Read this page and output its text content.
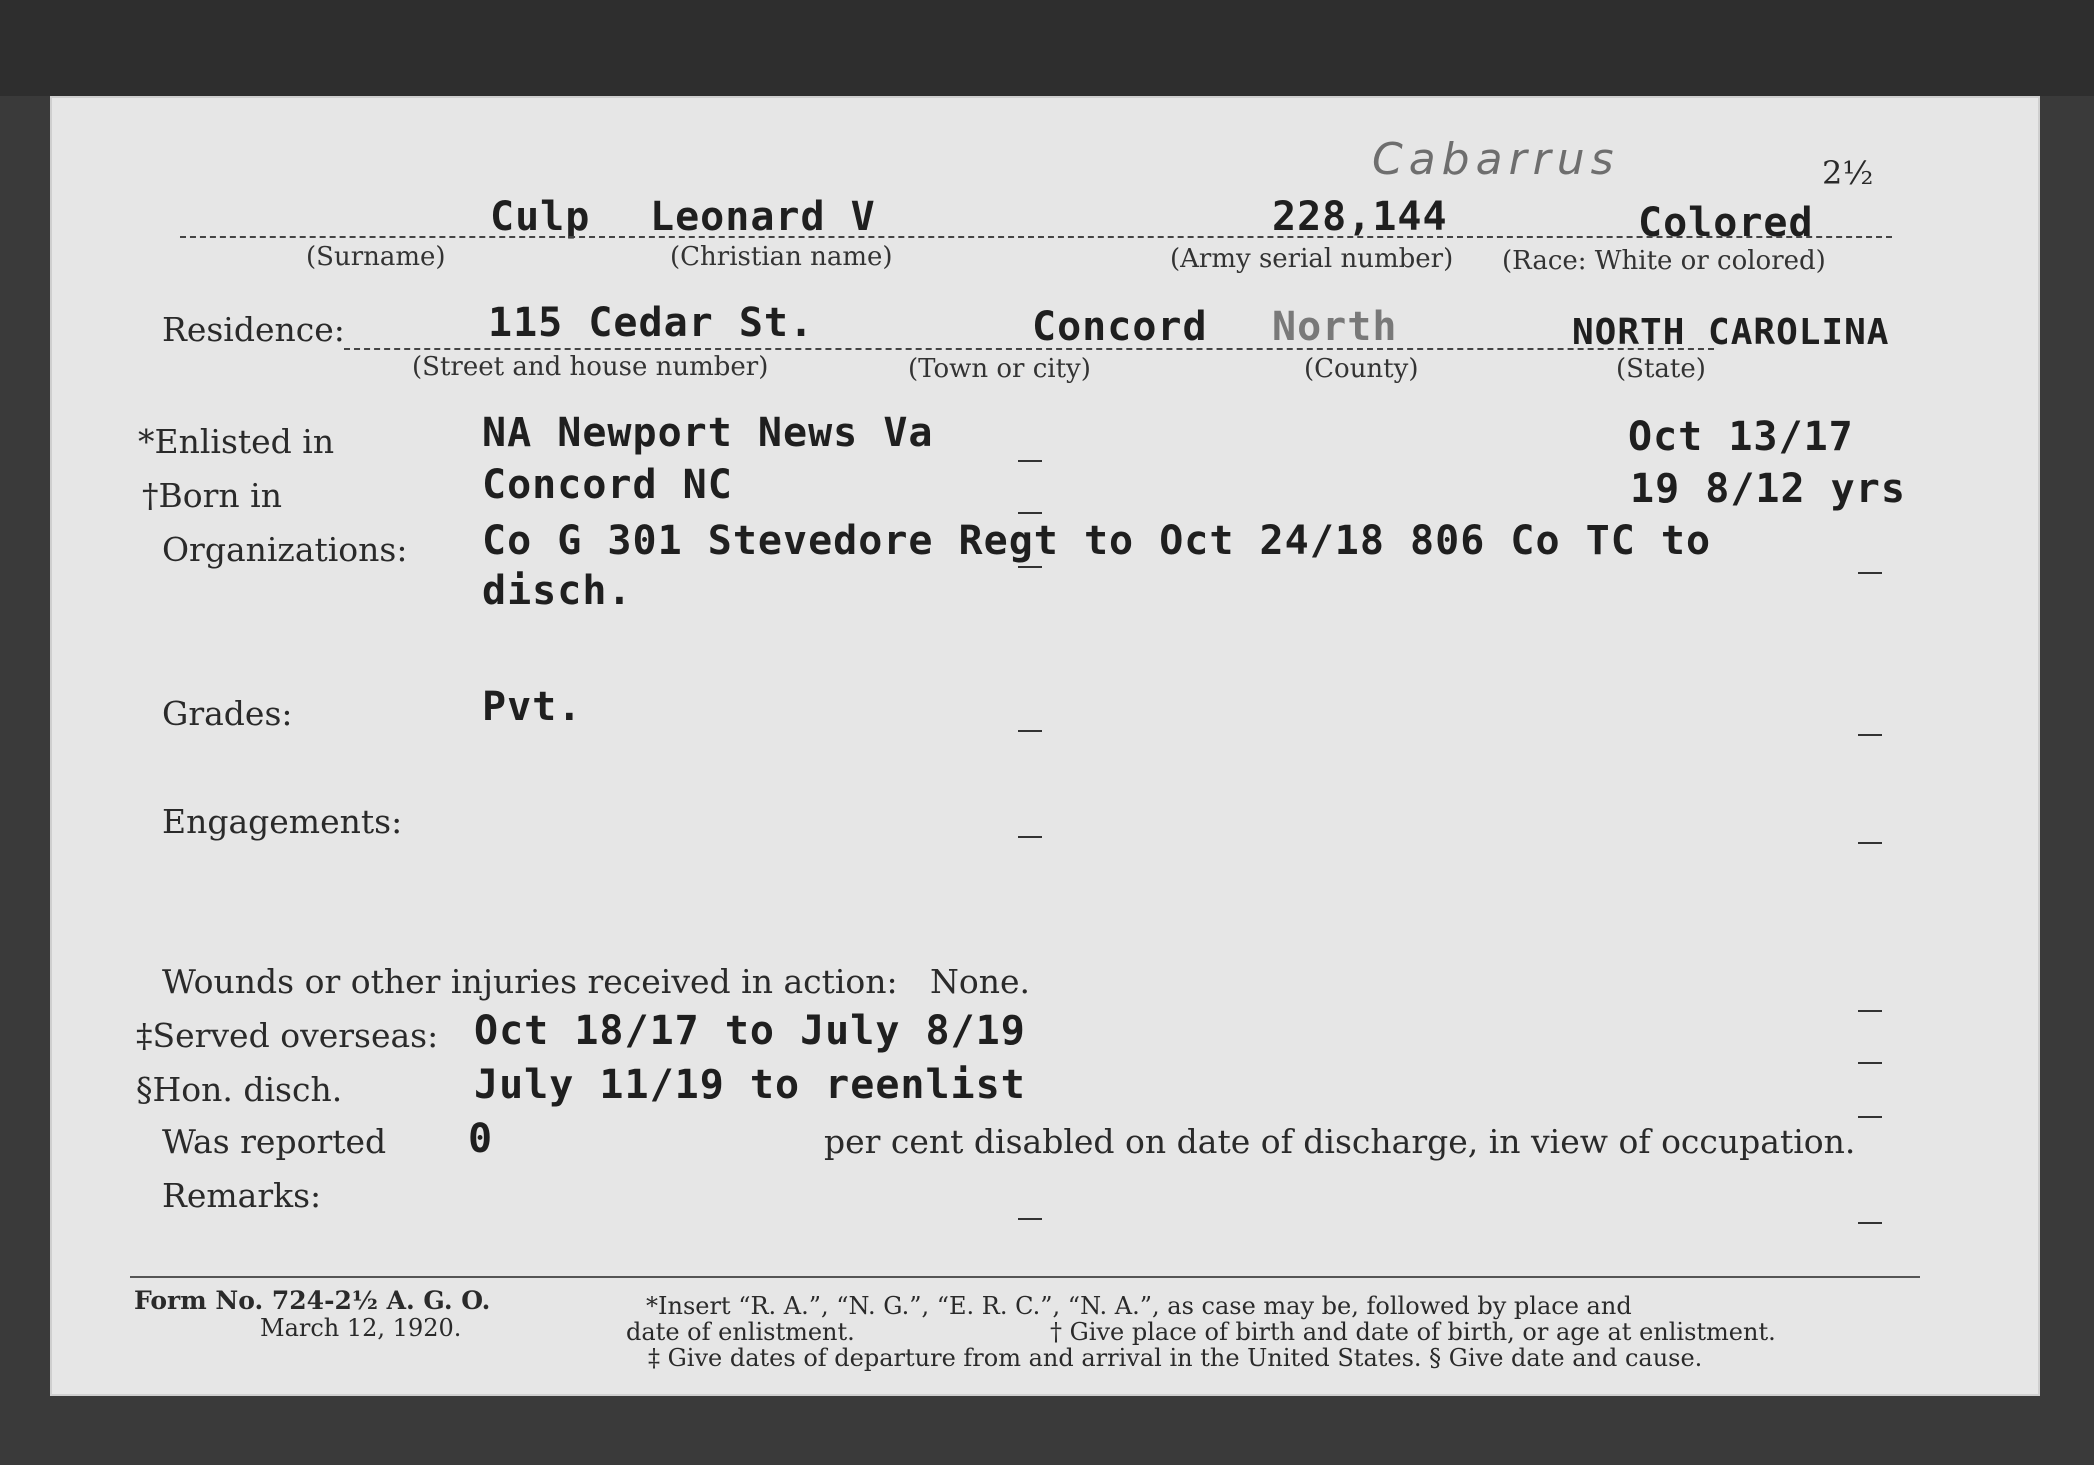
Cabarrus	2½
Culp Leonard V	228,144	Colored
(Surname)	(Christian name)	(Army serial number) (Race: White or colored)
Residence:	115 Cedar St.	Concord North	NORTH CAROLINA
(Street and house number)	(Town or city)	(County)	(State)
*Enlisted in	NA Newport News Va	Oct 13/17
†Born in	Concord NC	19 8/12 yrs
Organizations: Co G 301 Stevedore Regt to Oct 24/18 806 Co TC to
disch.
Grades:	Pvt.
Engagements:
Wounds or other injuries received in action: None.
‡Served overseas: Oct 18/17 to July 8/19
§Hon. disch.	July 11/19 to reenlist
Was reported 0	per cent disabled on date of discharge, in view of occupation.
Remarks:
Form No. 724-2½ A. G. O.
March 12, 1920.
*Insert “R. A.”, “N. G.”, “E. R. C.”, “N. A.”, as case may be, followed by place and
date of enlistment.	† Give place of birth and date of birth, or age at enlistment.
‡ Give dates of departure from and arrival in the United States. § Give date and cause.
